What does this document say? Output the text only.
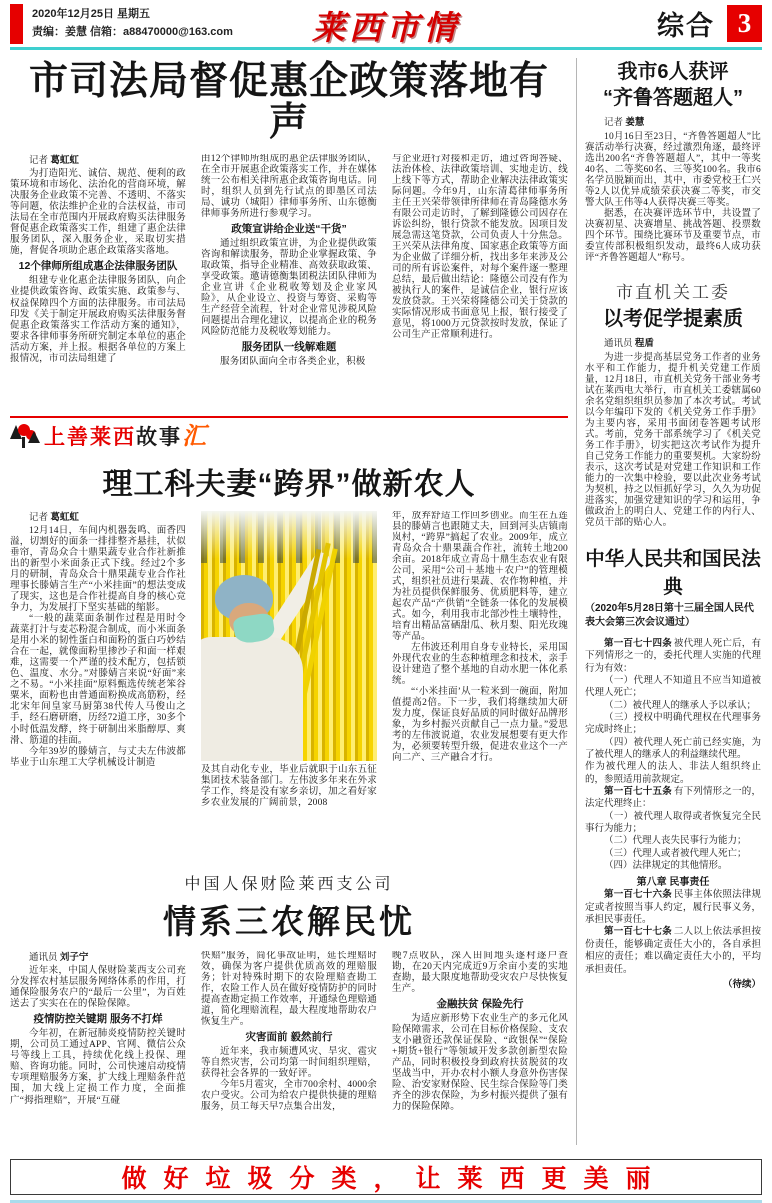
2020年12月25日 星期五
责编：姜慧 信箱：a88470000@163.com 莱西市情	综合 3
市司法局督促惠企政策落地有声

记者 葛虹虹

为打造阳光、诚信、规范、便利的政策环境和市场化、法治化的营商环境，解决服务企业政策不完善、不透明、不落实等问题，依法维护企业的合法权益，市司法局在全市范围内开展政府购买法律服务督促惠企政策落实工作，组建了惠企法律服务团队，深入服务企业，采取切实措施，督促各项助企惠企政策落实落地。

12个律师所组成惠企法律服务团队

组建专业化惠企法律服务团队，向企业提供政策咨询、政策实施、政策参与、权益保障四个方面的法律服务。市司法局印发《关于制定开展政府购买法律服务督促惠企政策落实工作活动方案的通知》，要求各律师事务所研究制定本单位的惠企活动方案，并上报。根据各单位的方案上报情况，市司法局组建了

由12个律师所组成的惠企法律服务团队，在全市开展惠企政策落实工作，并在媒体统一公布相关律所惠企政策咨询电话。同时，组织人员到先行试点的即墨区司法局、诚功（城阳）律师事务所、山东德衡律师事务所进行参观学习。

政策宣讲给企业送“干货”

通过组织政策宣讲，为企业提供政策咨询和解读服务，帮助企业掌握政策、争取政策，指导企业精准、高效获取政策、享受政策。邀请德衡集团税法团队律师为企业宣讲《企业税收筹划及企业家风险》，从企业设立、投资与筹资、采购等生产经营全流程，针对企业常见涉税风险问题提出合理化建议，以提高企业的税务风险防范能力及税收筹划能力。

服务团队一线解难题

服务团队面向全市各类企业，积极

与企业进行对接和走访，通过咨询答疑、法治体检、法律政策培训、实地走访、线上线下等方式，帮助企业解决法律政策实际问题。今年9月，山东清葛律师事务所主任王兴荣带领律所律师在青岛隆德水务有限公司走访时，了解到隆德公司因存在诉讼纠纷，银行贷款不能发放。因项目发展急需这笔贷款，公司负责人十分焦急。王兴荣从法律角度、国家惠企政策等方面为企业做了详细分析，找出多年来涉及公司的所有诉讼案件，对每个案件逐一整理总结，最后做出结论：隆德公司没有作为被执行人的案件，是诚信企业，银行应该发放贷款。王兴荣将隆德公司关于贷款的实际情况形成书面意见上报，银行接受了意见，将1000万元贷款按时发放，保证了公司生产正常顺利进行。

上善莱西故事汇
理工科夫妻“跨界”做新农人

记者 葛虹虹

12月14日，车间内机器轰鸣、面香四溢，切割好的面条一排排整齐悬挂，状似垂帘，青岛众合十鼎果蔬专业合作社新推出的新型小米面条正式下线。经过2个多月的研制，青岛众合十鼎果蔬专业合作社理事长滕婧言生产“小米挂面”的想法变成了现实，这也是合作社提高自身的核心竞争力，为发展打下坚实基础的缩影。

“一般的蔬菜面条制作过程是用时令蔬菜打汁与麦芯粉混合制成，而小米面条是用小米的韧性蛋白和面粉的蛋白巧妙结合在一起，就像面粉里掺沙子和面一样艰难，这需要一个严谨的技术配方，包括锁色、温度、水分。”对滕婧言来说“好面”来之不易。“小米挂面”原料甄选传统老笨谷粟米，面粉也由普通面粉换成高筋粉，经北宋年间皇家马厨第38代传人马俊山之手，经石磨研磨，历经72道工序，30多个小时低温发酵，终于研制出米脂醇厚、爽滑、筋道的挂面。

今年39岁的滕婧言，与丈夫左伟波都毕业于山东理工大学机械设计制造

及其自动化专业，毕业后就职于山东五征集团技术装备部门。左伟波多年来在外求学工作，终是没有家乡亲切，加之看好家乡农业发展的广阔前景，2008

年，放弃舒适工作回乡创业。而生在五莲县的滕婧言也跟随丈夫，回到河头店镇南岚村，“跨界”搞起了农业。2009年，成立青岛众合十鼎果蔬合作社，流转土地200余亩。2018年成立青岛十鼎生态农业有限公司，采用“公司＋基地＋农户”的管理模式，组织社员进行果蔬、农作物种植，并为社员提供保鲜服务、优质肥料等，建立起农产品“产供销”全链条一体化的发展模式。如今，利用我市北部沙性土壤特性，培育出精品富硒甜瓜、秋月梨、阳光玫瑰等产品。

左伟波还利用自身专业特长，采用国外现代农业的生态种植理念和技术，亲手设计建造了整个基地的自动水肥一体化系统。

“‘小米挂面’从一粒米到一碗面，附加值提高2倍。下一步，我们将继续加大研发力度，保证良好品质的同时做好品牌形象，为乡村振兴贡献自己一点力量。”爱思考的左伟波说道，农业发展想要有更大作为，必须要转型升级，促进农业这个一产向二产、三产融合才行。

中国人保财险莱西支公司

情系三农解民忧

通讯员 刘子宁

近年来，中国人保财险莱西支公司充分发挥农村基层服务网络体系的作用，打通保险服务农户的“最后一公里”，为百姓送去了实实在在的保险保障。

疫情防控关键期 服务不打烊

今年初，在新冠肺炎疫情防控关键时期，公司员工通过APP、官网、微信公众号等线上工具，持续优化线上投保、理赔、咨询功能。同时，公司快速启动疫情专项理赔服务方案，扩大线上理赔条件范围，加大线上定损工作力度，全面推广“拇指理赔”，开展“互碰

快赔”服务，简化事故证明，延长理赔时效，确保为客户提供优质高效的理赔服务；针对特殊时期下的农险理赔查勘工作，农险工作人员在做好疫情防护的同时提高查勘定损工作效率，开通绿色理赔通道，简化理赔流程，最大程度地帮助农户恢复生产。

灾害面前 毅然前行

近年来，我市频遭风灾、旱灾、雹灾等自然灾害，公司均第一时间组织理赔，获得社会各界的一致好评。

今年5月雹灾，全市700余村、4000余农户受灾。公司为给农户提供快捷的理赔服务，员工每天早7点集合出发，

晚7点收队，深入田间地头逐村逐户查勘，在20天内完成近9万余亩小麦的实地查勘，最大限度地帮助受灾农户尽快恢复生产。

金融扶贫 保险先行

为适应新形势下农业生产的多元化风险保障需求，公司在目标价格保险、支农支小融资还款保证保险、“政银保”“保险+期货+银行”等领域开发多款创新型农险产品，同时积极投身到政府扶贫脱贫的攻坚战当中，开办农村小额人身意外伤害保险、治安家财保险、民生综合保险等门类齐全的涉农保险，为乡村振兴提供了强有力的保险保障。

我市6人获评
“齐鲁答题超人”

记者 姜慧

10月16日至23日，“齐鲁答题超人”比赛活动举行决赛，经过激烈角逐，最终评选出200名“齐鲁答题超人”，其中一等奖40名、二等奖60名、三等奖100名。我市6名学员脱颖而出，其中，市委党校王仁兴等2人以优异成绩荣获决赛二等奖，市交警大队王伟等4人获得决赛三等奖。

据悉，在决赛评选环节中，共设置了决赛初星、决赛增星、挑战答题、投票数四个环节。围绕比赛环节及重要节点，市委宣传部积极组织发动，最终6人成功获评“齐鲁答题超人”称号。

市直机关工委

以考促学提素质

通讯员 程盾

为进一步提高基层党务工作者的业务水平和工作能力，提升机关党建工作质量，12月18日，市直机关党务干部业务考试在莱西电大举行，市直机关工委辖属60余名党组织组织员参加了本次考试。考试以今年编印下发的《机关党务工作手册》为主要内容，采用书面闭卷答题考试形式。考前，党务干部系统学习了《机关党务工作手册》，切实把这次考试作为提升自己党务工作能力的重要契机。大家纷纷表示，这次考试是对党建工作知识和工作能力的一次集中检验，要以此次业务考试为契机，持之以恒抓好学习，久久为功促进落实，加强党建知识的学习和运用，争做政治上的明白人、党建工作的内行人、党员干部的贴心人。

中华人民共和国民法典
（2020年5月28日第十三届全国人民代表大会第三次会议通过）

第一百七十四条 被代理人死亡后，有下列情形之一的，委托代理人实施的代理行为有效：

（一）代理人不知道且不应当知道被代理人死亡；

（二）被代理人的继承人予以承认；

（三）授权中明确代理权在代理事务完成时终止；

（四）被代理人死亡前已经实施，为了被代理人的继承人的利益继续代理。

作为被代理人的法人、非法人组织终止的，参照适用前款规定。

第一百七十五条 有下列情形之一的，法定代理终止：

（一）被代理人取得或者恢复完全民事行为能力；

（二）代理人丧失民事行为能力；

（三）代理人或者被代理人死亡；

（四）法律规定的其他情形。

第八章 民事责任

第一百七十六条 民事主体依照法律规定或者按照当事人约定，履行民事义务，承担民事责任。

第一百七十七条 二人以上依法承担按份责任，能够确定责任大小的，各自承担相应的责任；难以确定责任大小的，平均承担责任。

（待续）

做好垃圾分类，让莱西更美丽
